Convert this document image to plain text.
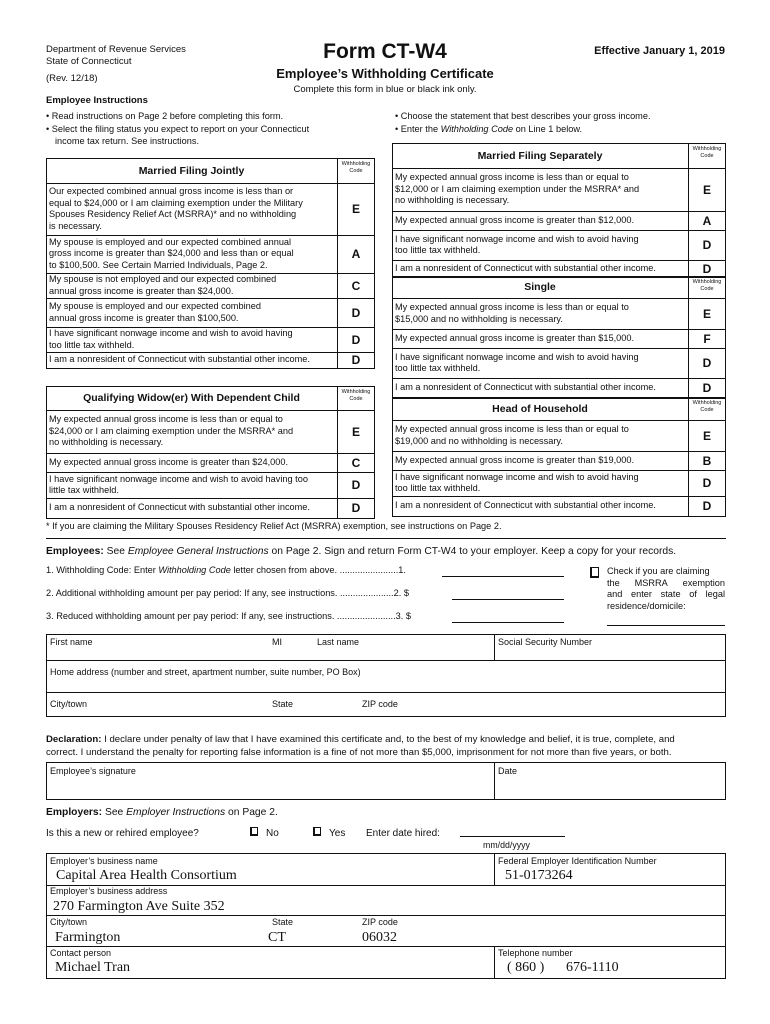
Department of Revenue Services
State of Connecticut
(Rev. 12/18)
Form CT-W4
Employee’s Withholding Certificate
Complete this form in blue or black ink only.
Effective January 1, 2019
Employee Instructions
• Read instructions on Page 2 before completing this form.
• Select the filing status you expect to report on your Connecticut
income tax return. See instructions.
• Choose the statement that best describes your gross income.
• Enter the Withholding Code on Line 1 below.
Married Filing Jointly
Withholding
Code
Our expected combined annual gross income is less than or
equal to $24,000 or I am claiming exemption under the Military
Spouses Residency Relief Act (MSRRA)* and no withholding
is necessary.
E
My spouse is employed and our expected combined annual
gross income is greater than $24,000 and less than or equal
to $100,500. See Certain Married Individuals, Page 2.
A
My spouse is not employed and our expected combined
annual gross income is greater than $24,000.	C
My spouse is employed and our expected combined
annual gross income is greater than $100,500.	D
I have significant nonwage income and wish to avoid having
too little tax withheld.	D
I am a nonresident of Connecticut with substantial other income.	D
Qualifying Widow(er) With Dependent Child	Withholding
Code
My expected annual gross income is less than or equal to
$24,000 or I am claiming exemption under the MSRRA* and
no withholding is necessary.
E
My expected annual gross income is greater than $24,000.	C
I have significant nonwage income and wish to avoid having too
little tax withheld.	D
I am a nonresident of Connecticut with substantial other income.	D
Married Filing Separately
Withholding
Code
My expected annual gross income is less than or equal to
$12,000 or I am claiming exemption under the MSRRA* and
no withholding is necessary.
E
My expected annual gross income is greater than $12,000.	A
I have significant nonwage income and wish to avoid having
too little tax withheld.	D
I am a nonresident of Connecticut with substantial other income.	D
Single	Withholding
Code
My expected annual gross income is less than or equal to
$15,000 and no withholding is necessary.	E
My expected annual gross income is greater than $15,000.	F
I have significant nonwage income and wish to avoid having
too little tax withheld.	D
I am a nonresident of Connecticut with substantial other income.	D
Head of Household	Withholding
Code
My expected annual gross income is less than or equal to
$19,000 and no withholding is necessary.	E
My expected annual gross income is greater than $19,000.	B
I have significant nonwage income and wish to avoid having
too little tax withheld.	D
I am a nonresident of Connecticut with substantial other income.	D
* If you are claiming the Military Spouses Residency Relief Act (MSRRA) exemption, see instructions on Page 2.
Employees: See Employee General Instructions on Page 2. Sign and return Form CT-W4 to your employer. Keep a copy for your records.
1. Withholding Code: Enter Withholding Code letter chosen from above. .......................1.
2. Additional withholding amount per pay period: If any, see instructions. .....................2. $
3. Reduced withholding amount per pay period: If any, see instructions. .......................3. $
Check if you are claiming
the MSRRA exemption
and enter state of legal
residence/domicile:
First name	MI	Last name	Social Security Number
Home address (number and street, apartment number, suite number, PO Box)
City/town	State	ZIP code
Declaration: I declare under penalty of law that I have examined this certificate and, to the best of my knowledge and belief, it is true, complete, and
correct. I understand the penalty for reporting false information is a fine of not more than $5,000, imprisonment for not more than five years, or both.
Employee’s signature	Date
Employers: See Employer Instructions on Page 2.
Is this a new or rehired employee?	No	Yes Enter date hired:
mm/dd/yyyy
Employer’s business name
Capital Area Health Consortium
Federal Employer Identification Number
51-0173264
Employer’s business address
270 Farmington Ave Suite 352
City/town
Farmington
State
CT
ZIP code
06032
Contact person
Michael Tran
Telephone number
( 860 ) 676-1110
